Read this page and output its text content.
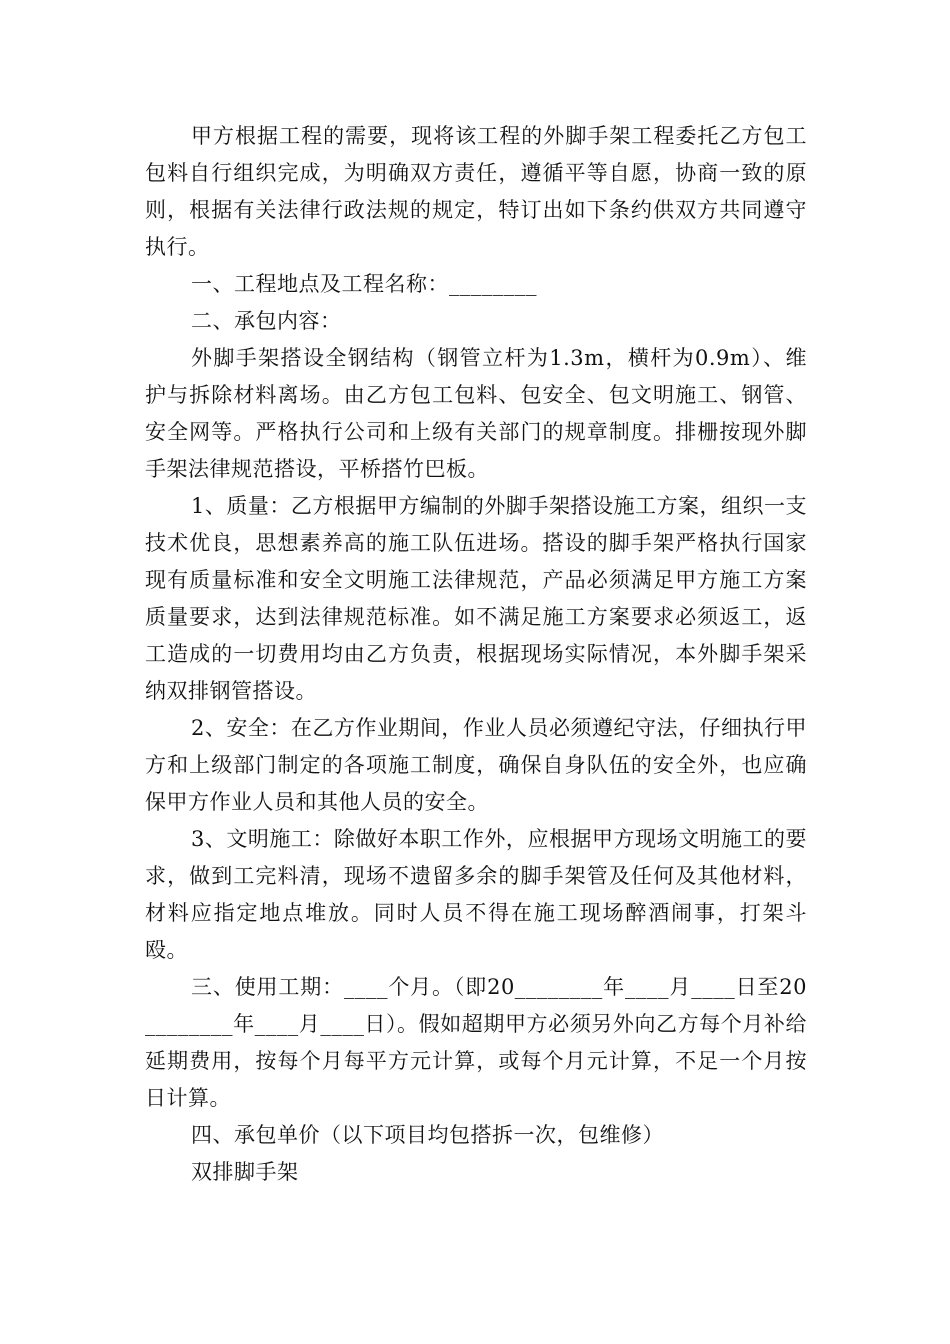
甲方根据工程的需要，现将该工程的外脚手架工程委托乙方包工包料自行组织完成，为明确双方责任，遵循平等自愿，协商一致的原则，根据有关法律行政法规的规定，特订出如下条约供双方共同遵守执行。

一、工程地点及工程名称：________

二、承包内容：

外脚手架搭设全钢结构（钢管立杆为1.3m，横杆为0.9m）、维护与拆除材料离场。由乙方包工包料、包安全、包文明施工、钢管、安全网等。严格执行公司和上级有关部门的规章制度。排栅按现外脚手架法律规范搭设，平桥搭竹巴板。

1、质量：乙方根据甲方编制的外脚手架搭设施工方案，组织一支技术优良，思想素养高的施工队伍进场。搭设的脚手架严格执行国家现有质量标准和安全文明施工法律规范，产品必须满足甲方施工方案质量要求，达到法律规范标准。如不满足施工方案要求必须返工，返工造成的一切费用均由乙方负责，根据现场实际情况，本外脚手架采纳双排钢管搭设。

2、安全：在乙方作业期间，作业人员必须遵纪守法，仔细执行甲方和上级部门制定的各项施工制度，确保自身队伍的安全外，也应确保甲方作业人员和其他人员的安全。

3、文明施工：除做好本职工作外，应根据甲方现场文明施工的要求，做到工完料清，现场不遗留多余的脚手架管及任何及其他材料，材料应指定地点堆放。同时人员不得在施工现场醉酒闹事，打架斗殴。

三、使用工期：____个月。（即20________年____月____日至20________年____月____日）。假如超期甲方必须另外向乙方每个月补给延期费用，按每个月每平方元计算，或每个月元计算，不足一个月按日计算。

四、承包单价（以下项目均包搭拆一次，包维修）

双排脚手架
